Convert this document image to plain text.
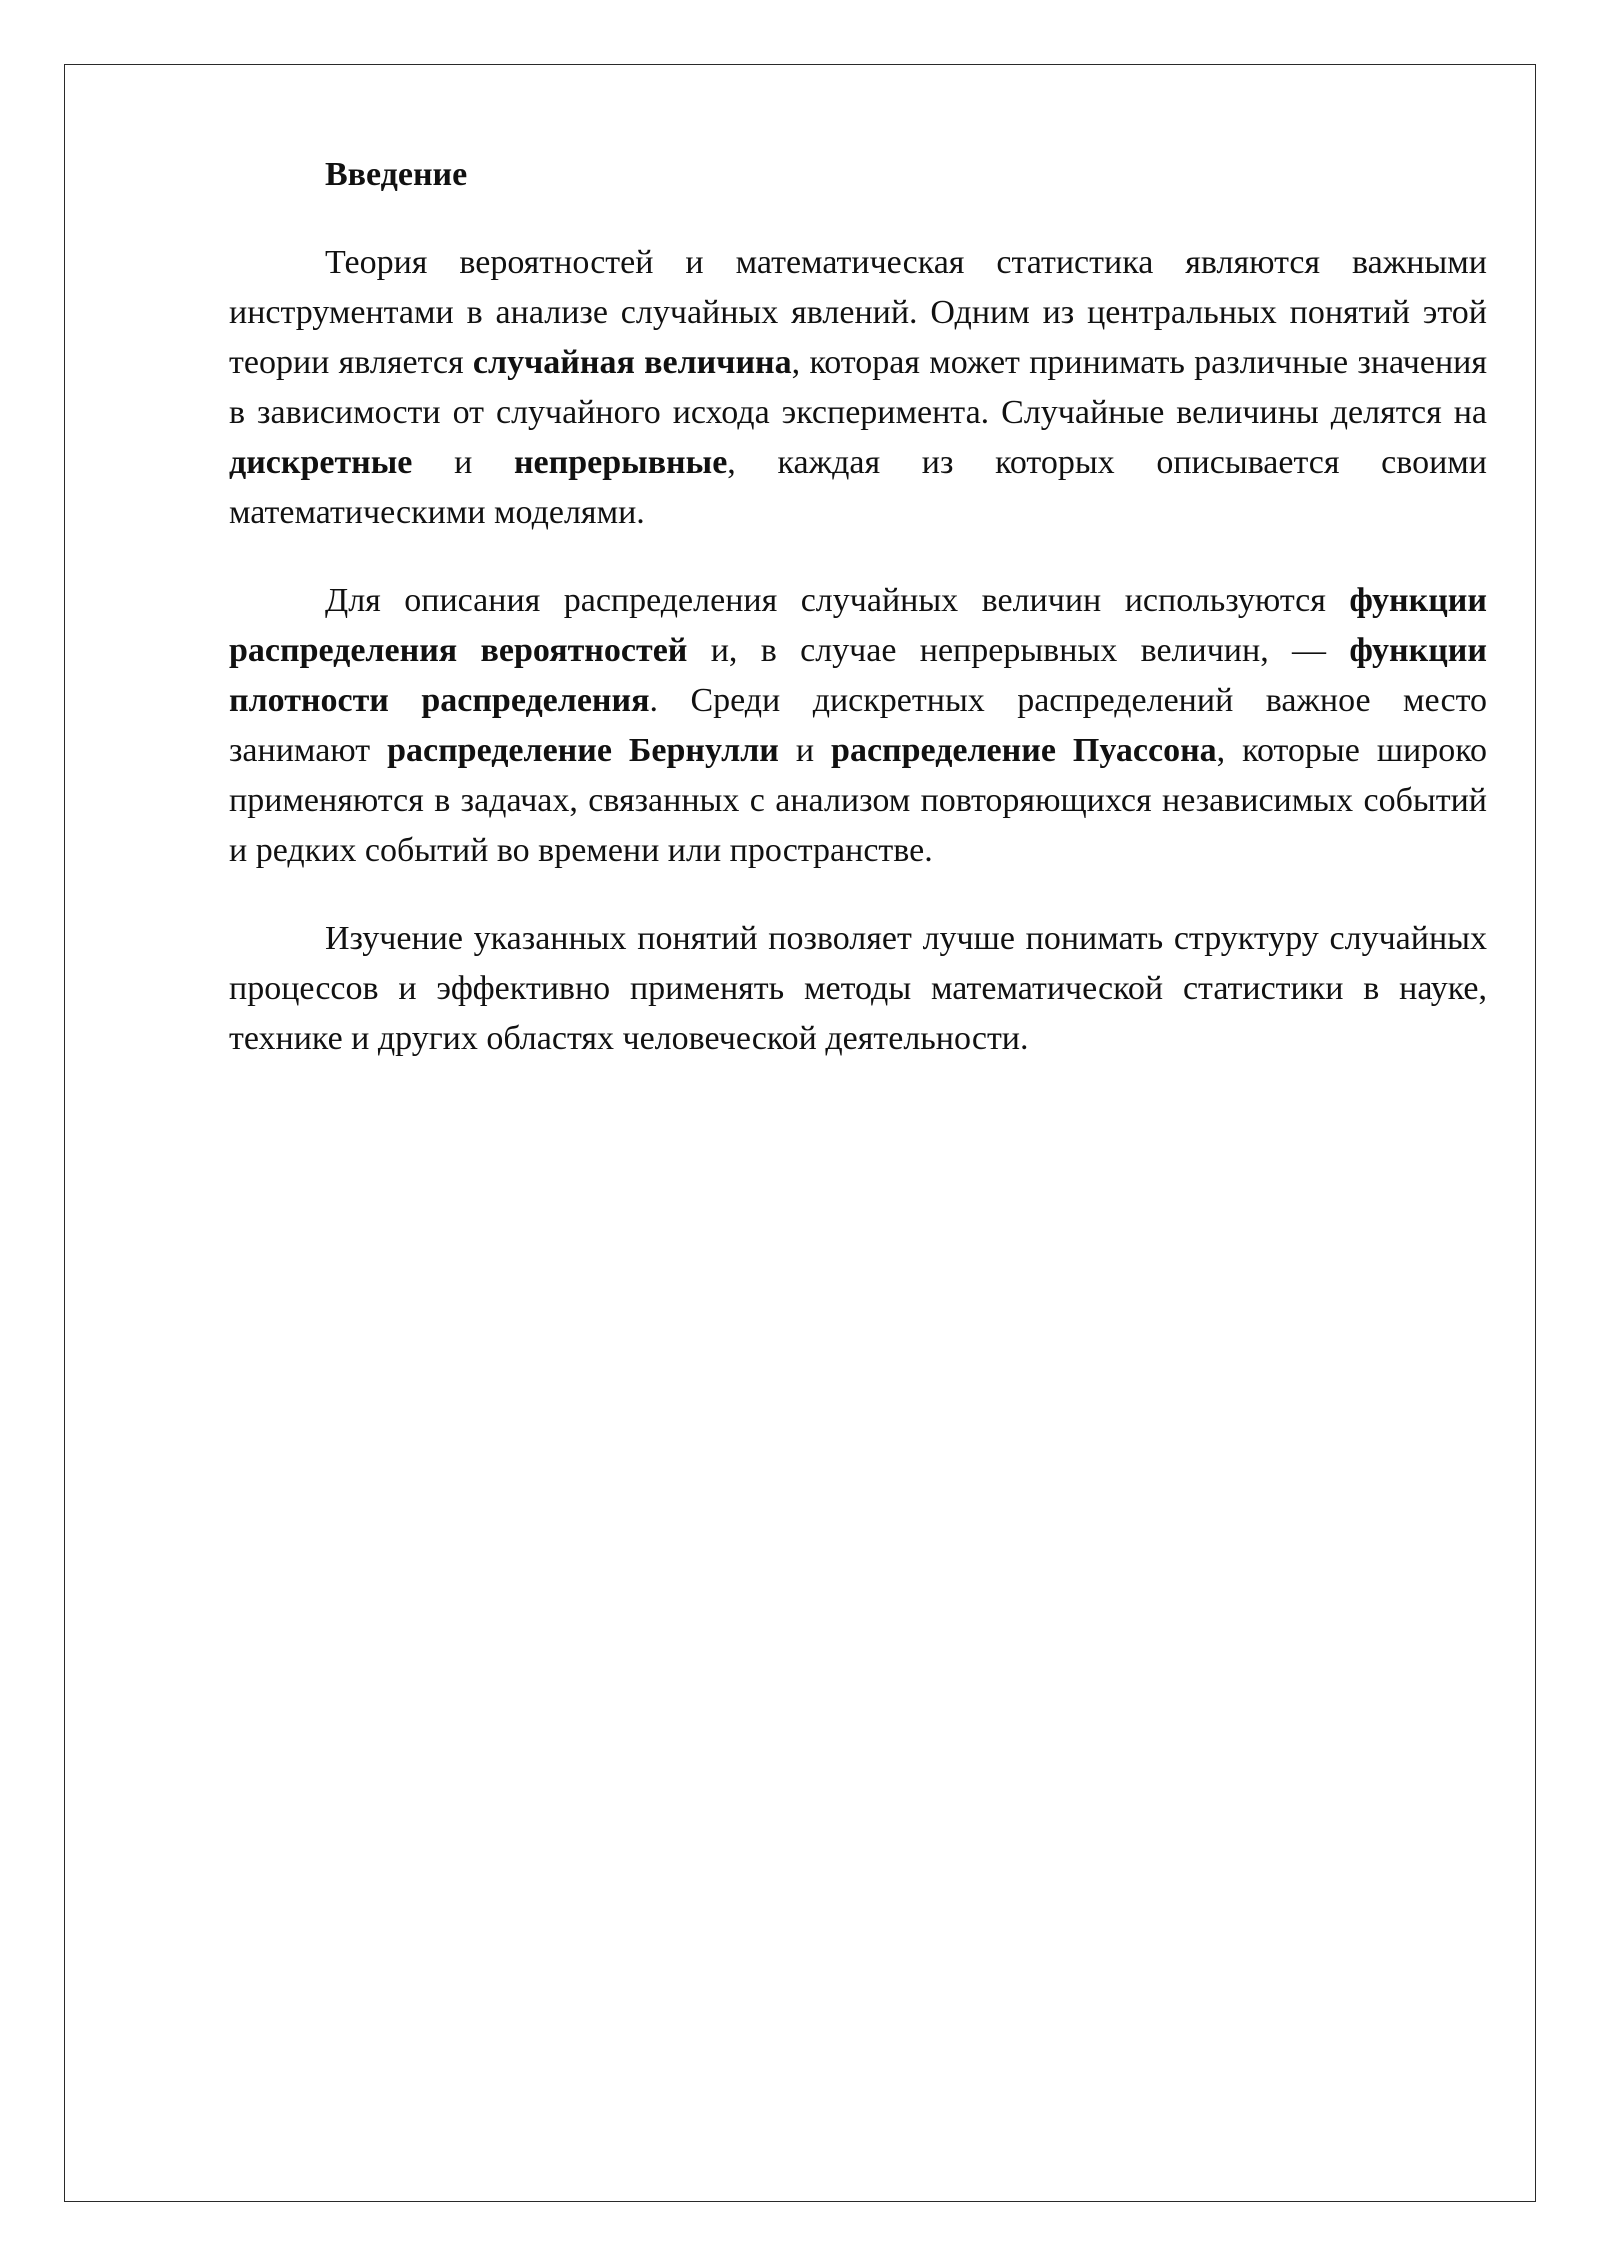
Введение

Теория вероятностей и математическая статистика являются важными инструментами в анализе случайных явлений. Одним из центральных понятий этой теории является случайная величина, которая может принимать различные значения в зависимости от случайного исхода эксперимента. Случайные величины делятся на дискретные и непрерывные, каждая из которых описывается своими математическими моделями.

Для описания распределения случайных величин используются функции распределения вероятностей и, в случае непрерывных величин, — функции плотности распределения. Среди дискретных распределений важное место занимают распределение Бернулли и распределение Пуассона, которые широко применяются в задачах, связанных с анализом повторяющихся независимых событий и редких событий во времени или пространстве.

Изучение указанных понятий позволяет лучше понимать структуру случайных процессов и эффективно применять методы математической статистики в науке, технике и других областях человеческой деятельности.
